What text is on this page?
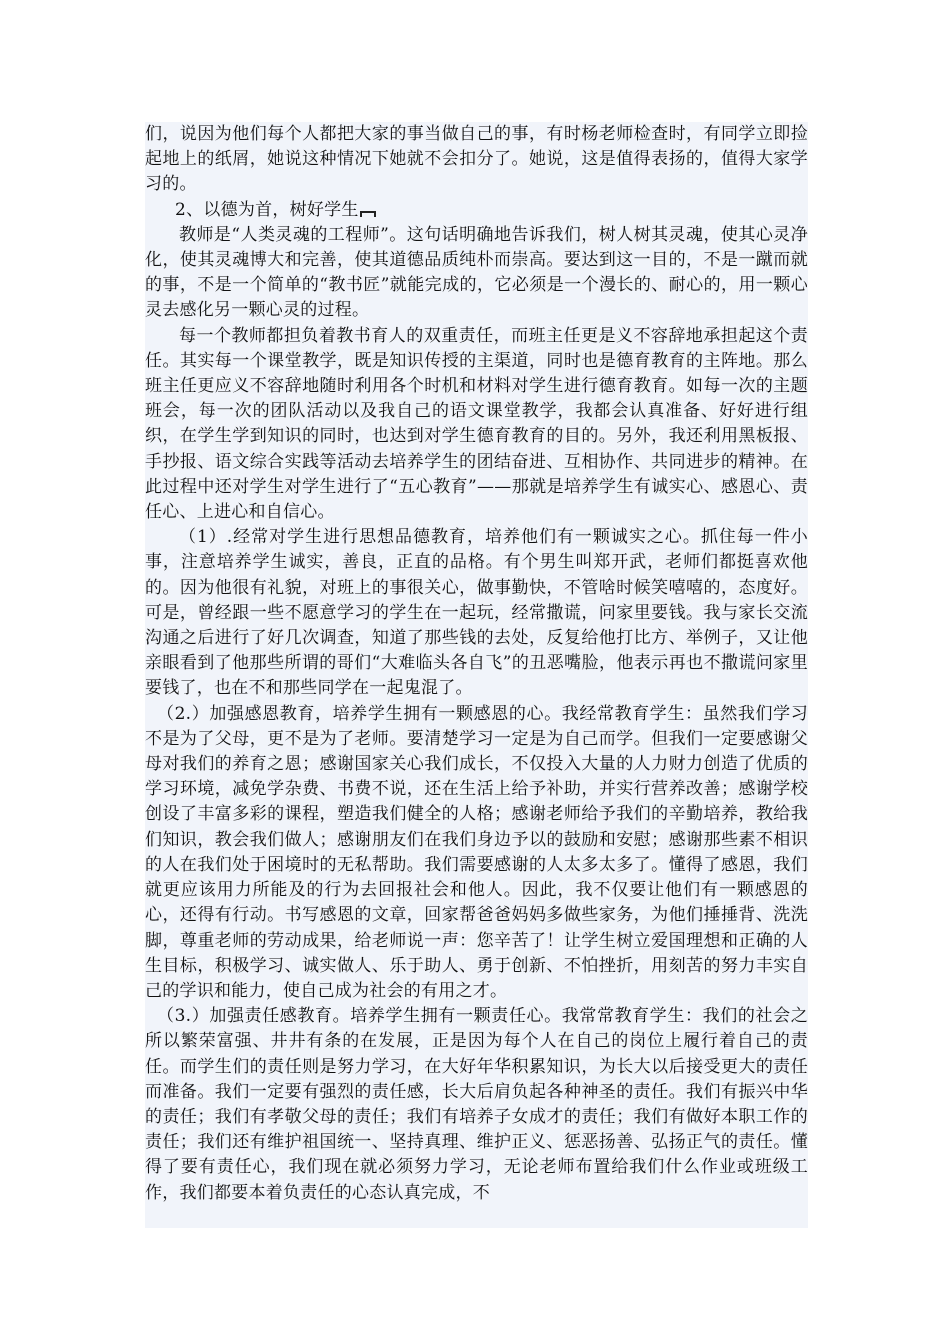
们，说因为他们每个人都把大家的事当做自己的事，有时杨老师检查时，有同学立即捡起地上的纸屑，她说这种情况下她就不会扣分了。她说，这是值得表扬的，值得大家学习的。

2、以德为首，树好学生

教师是“人类灵魂的工程师”。这句话明确地告诉我们，树人树其灵魂，使其心灵净化，使其灵魂博大和完善，使其道德品质纯朴而崇高。要达到这一目的，不是一蹴而就的事，不是一个简单的“教书匠”就能完成的，它必须是一个漫长的、耐心的，用一颗心灵去感化另一颗心灵的过程。

每一个教师都担负着教书育人的双重责任，而班主任更是义不容辞地承担起这个责任。其实每一个课堂教学，既是知识传授的主渠道，同时也是德育教育的主阵地。那么班主任更应义不容辞地随时利用各个时机和材料对学生进行德育教育。如每一次的主题班会，每一次的团队活动以及我自己的语文课堂教学，我都会认真准备、好好进行组织，在学生学到知识的同时，也达到对学生德育教育的目的。另外，我还利用黑板报、手抄报、语文综合实践等活动去培养学生的团结奋进、互相协作、共同进步的精神。在此过程中还对学生对学生进行了“五心教育”——那就是培养学生有诚实心、感恩心、责任心、上进心和自信心。

（1）.经常对学生进行思想品德教育，培养他们有一颗诚实之心。抓住每一件小事，注意培养学生诚实，善良，正直的品格。有个男生叫郑开武，老师们都挺喜欢他的。因为他很有礼貌，对班上的事很关心，做事勤快，不管啥时候笑嘻嘻的，态度好。可是，曾经跟一些不愿意学习的学生在一起玩，经常撒谎，问家里要钱。我与家长交流沟通之后进行了好几次调查，知道了那些钱的去处，反复给他打比方、举例子，又让他亲眼看到了他那些所谓的哥们“大难临头各自飞”的丑恶嘴脸，他表示再也不撒谎问家里要钱了，也在不和那些同学在一起鬼混了。

（2.）加强感恩教育，培养学生拥有一颗感恩的心。我经常教育学生：虽然我们学习不是为了父母，更不是为了老师。要清楚学习一定是为自己而学。但我们一定要感谢父母对我们的养育之恩；感谢国家关心我们成长，不仅投入大量的人力财力创造了优质的学习环境，减免学杂费、书费不说，还在生活上给予补助，并实行营养改善；感谢学校创设了丰富多彩的课程，塑造我们健全的人格；感谢老师给予我们的辛勤培养，教给我们知识，教会我们做人；感谢朋友们在我们身边予以的鼓励和安慰；感谢那些素不相识的人在我们处于困境时的无私帮助。我们需要感谢的人太多太多了。懂得了感恩，我们就更应该用力所能及的行为去回报社会和他人。因此，我不仅要让他们有一颗感恩的心，还得有行动。书写感恩的文章，回家帮爸爸妈妈多做些家务，为他们捶捶背、洗洗脚，尊重老师的劳动成果，给老师说一声：您辛苦了！让学生树立爱国理想和正确的人生目标，积极学习、诚实做人、乐于助人、勇于创新、不怕挫折，用刻苦的努力丰实自己的学识和能力，使自己成为社会的有用之才。

（3.）加强责任感教育。培养学生拥有一颗责任心。我常常教育学生：我们的社会之所以繁荣富强、井井有条的在发展，正是因为每个人在自己的岗位上履行着自己的责任。而学生们的责任则是努力学习，在大好年华积累知识，为长大以后接受更大的责任而准备。我们一定要有强烈的责任感，长大后肩负起各种神圣的责任。我们有振兴中华的责任；我们有孝敬父母的责任；我们有培养子女成才的责任；我们有做好本职工作的责任；我们还有维护祖国统一、坚持真理、维护正义、惩恶扬善、弘扬正气的责任。懂得了要有责任心，我们现在就必须努力学习，无论老师布置给我们什么作业或班级工作，我们都要本着负责任的心态认真完成，不
